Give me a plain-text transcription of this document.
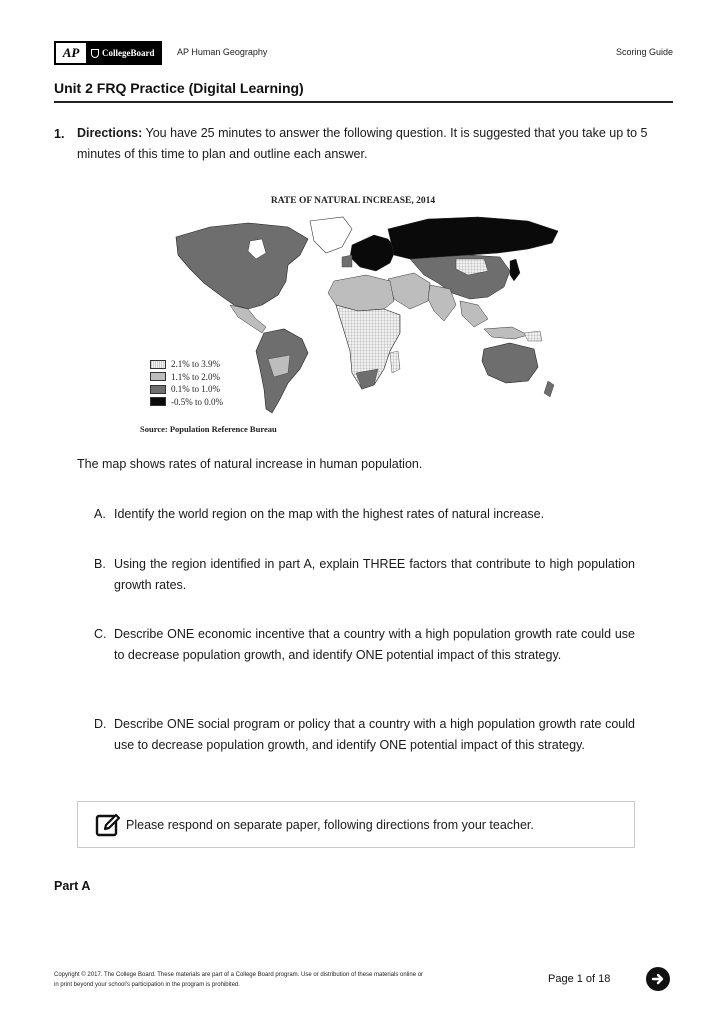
AP	CollegeBoard	AP Human Geography	Scoring Guide
Unit 2 FRQ Practice (Digital Learning)
1. Directions: You have 25 minutes to answer the following question. It is suggested that you take up to 5 minutes of this time to plan and outline each answer.
RATE OF NATURAL INCREASE, 2014
2.1% to 3.9%
1.1% to 2.0%
0.1% to 1.0%
-0.5% to 0.0%
Source: Population Reference Bureau
The map shows rates of natural increase in human population.
A. Identify the world region on the map with the highest rates of natural increase.
B. Using the region identified in part A, explain THREE factors that contribute to high population growth rates.
C. Describe ONE economic incentive that a country with a high population growth rate could use to decrease population growth, and identify ONE potential impact of this strategy.
D. Describe ONE social program or policy that a country with a high population growth rate could use to decrease population growth, and identify ONE potential impact of this strategy.
Please respond on separate paper, following directions from your teacher.
Part A
Copyright © 2017. The College Board. These materials are part of a College Board program. Use or distribution of these materials online or
in print beyond your school's participation in the program is prohibited.	Page 1 of 18
